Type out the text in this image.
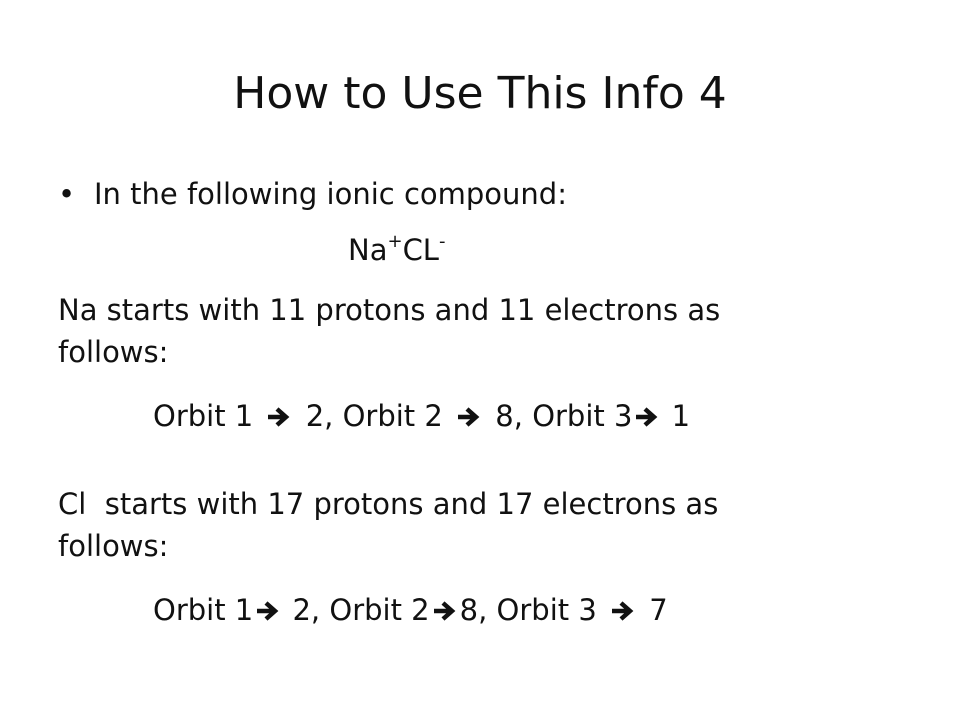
How to Use This Info 4
• In the following ionic compound:
Na+CL-
Na starts with 11 protons and 11 electrons as
follows:
Orbit 1 2, Orbit 2 8, Orbit 3 1
Cl  starts with 17 protons and 17 electrons as
follows:
Orbit 1 2, Orbit 2 8, Orbit 3 7
